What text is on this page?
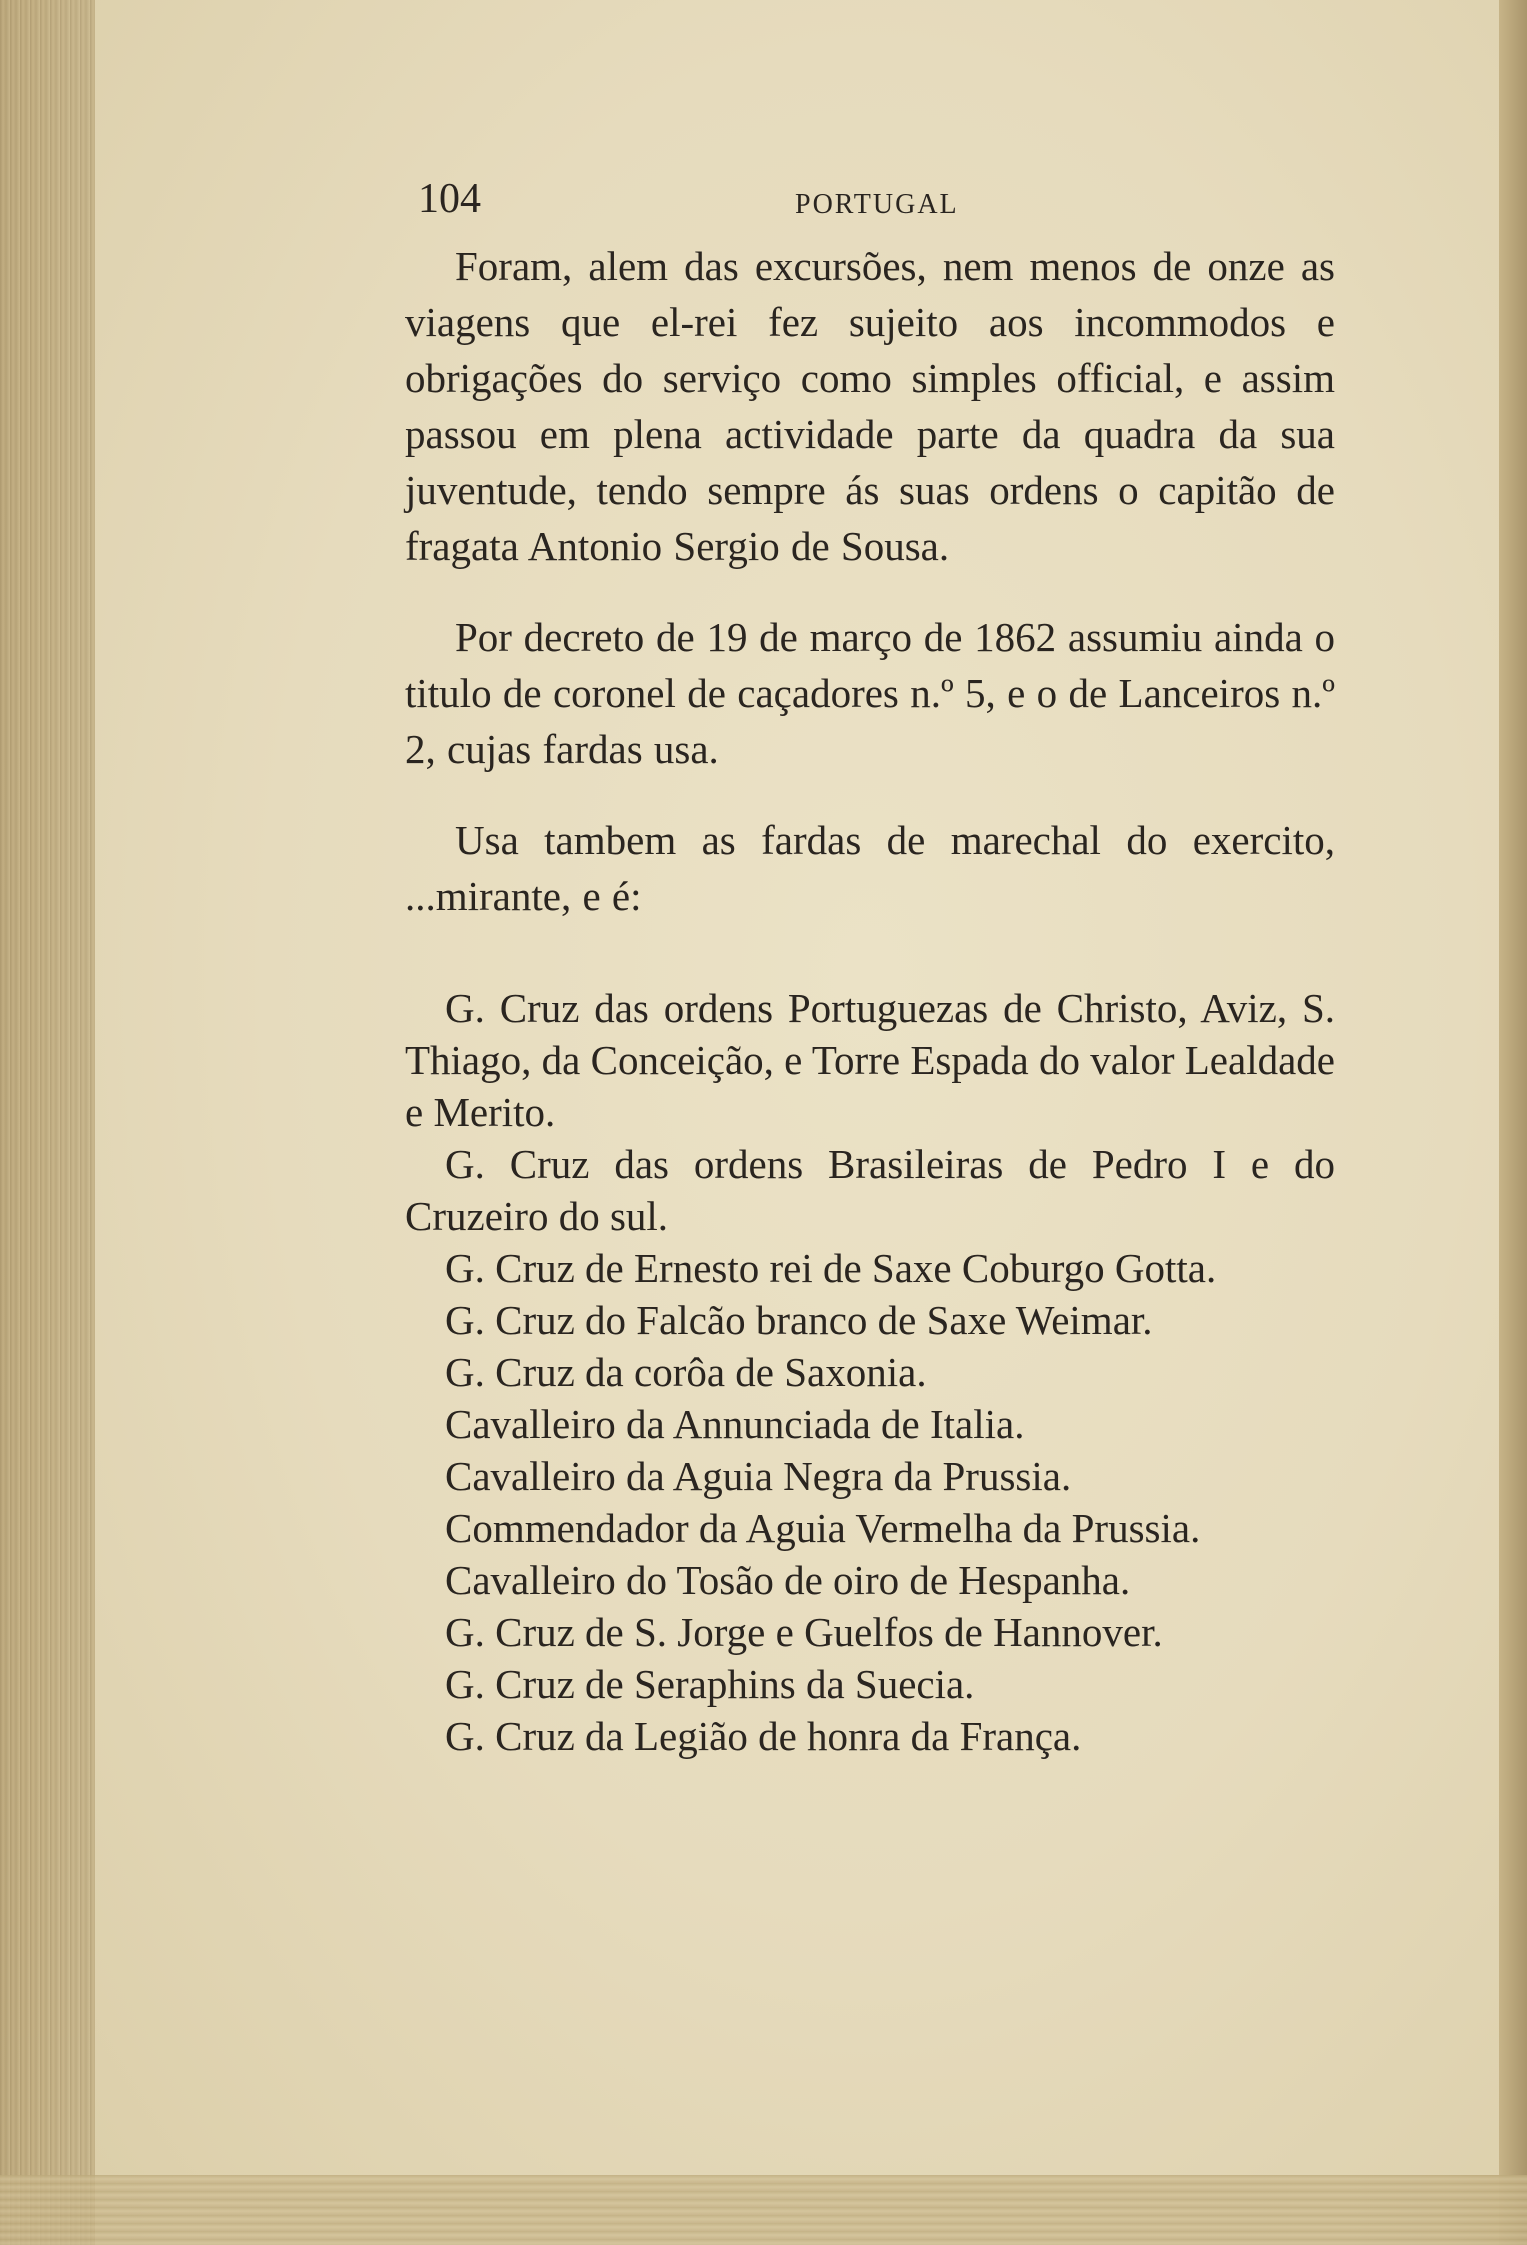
104	PORTUGAL

Foram, alem das excursões, nem menos de onze as viagens que el-rei fez sujeito aos incommodos e obrigações do serviço como simples official, e assim passou em plena actividade parte da quadra da sua juventude, tendo sempre ás suas ordens o capitão de fragata Antonio Sergio de Sousa.

Por decreto de 19 de março de 1862 assumiu ainda o titulo de coronel de caçadores n.º 5, e o de Lanceiros n.º 2, cujas fardas usa.

Usa tambem as fardas de marechal do exercito, ...mirante, e é:

G. Cruz das ordens Portuguezas de Christo, Aviz, S. Thiago, da Conceição, e Torre Espada do valor Lealdade e Merito.
G. Cruz das ordens Brasileiras de Pedro I e do Cruzeiro do sul.
G. Cruz de Ernesto rei de Saxe Coburgo Gotta.
G. Cruz do Falcão branco de Saxe Weimar.
G. Cruz da corôa de Saxonia.
Cavalleiro da Annunciada de Italia.
Cavalleiro da Aguia Negra da Prussia.
Commendador da Aguia Vermelha da Prussia.
Cavalleiro do Tosão de oiro de Hespanha.
G. Cruz de S. Jorge e Guelfos de Hannover.
G. Cruz de Seraphins da Suecia.
G. Cruz da Legião de honra da França.
